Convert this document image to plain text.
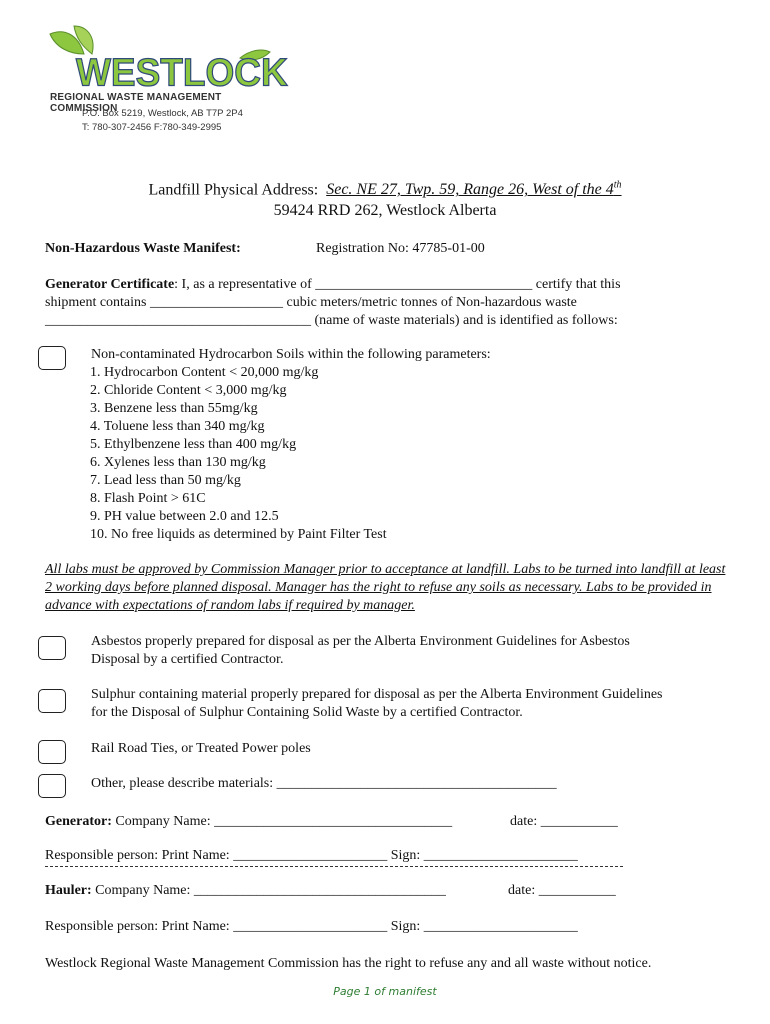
WESTLOCK
REGIONAL WASTE MANAGEMENT COMMISSION
P.O. Box 5219, Westlock, AB T7P 2P4
T: 780-307-2456 F:780-349-2995
Landfill Physical Address: Sec. NE 27, Twp. 59, Range 26, West of the 4th
59424 RRD 262, Westlock Alberta
Non-Hazardous Waste Manifest:	Registration No: 47785-01-00
Generator Certificate: I, as a representative of _______________________________ certify that this
shipment contains ___________________ cubic meters/metric tonnes of Non-hazardous waste
______________________________________ (name of waste materials) and is identified as follows:
Non-contaminated Hydrocarbon Soils within the following parameters:
1. Hydrocarbon Content < 20,000 mg/kg
2. Chloride Content < 3,000 mg/kg
3. Benzene less than 55mg/kg
4. Toluene less than 340 mg/kg
5. Ethylbenzene less than 400 mg/kg
6. Xylenes less than 130 mg/kg
7. Lead less than 50 mg/kg
8. Flash Point > 61C
9. PH value between 2.0 and 12.5
10. No free liquids as determined by Paint Filter Test
All labs must be approved by Commission Manager prior to acceptance at landfill. Labs to be turned into landfill at least 2 working days before planned disposal. Manager has the right to refuse any soils as necessary. Labs to be provided in advance with expectations of random labs if required by manager.
Asbestos properly prepared for disposal as per the Alberta Environment Guidelines for Asbestos
Disposal by a certified Contractor.
Sulphur containing material properly prepared for disposal as per the Alberta Environment Guidelines
for the Disposal of Sulphur Containing Solid Waste by a certified Contractor.
Rail Road Ties, or Treated Power poles
Other, please describe materials: ________________________________________
Generator: Company Name: __________________________________	date: ___________
Responsible person: Print Name: ______________________ Sign: ______________________
Hauler: Company Name: ____________________________________	date: ___________
Responsible person: Print Name: ______________________ Sign: ______________________
Westlock Regional Waste Management Commission has the right to refuse any and all waste without notice.
Page 1 of manifest
